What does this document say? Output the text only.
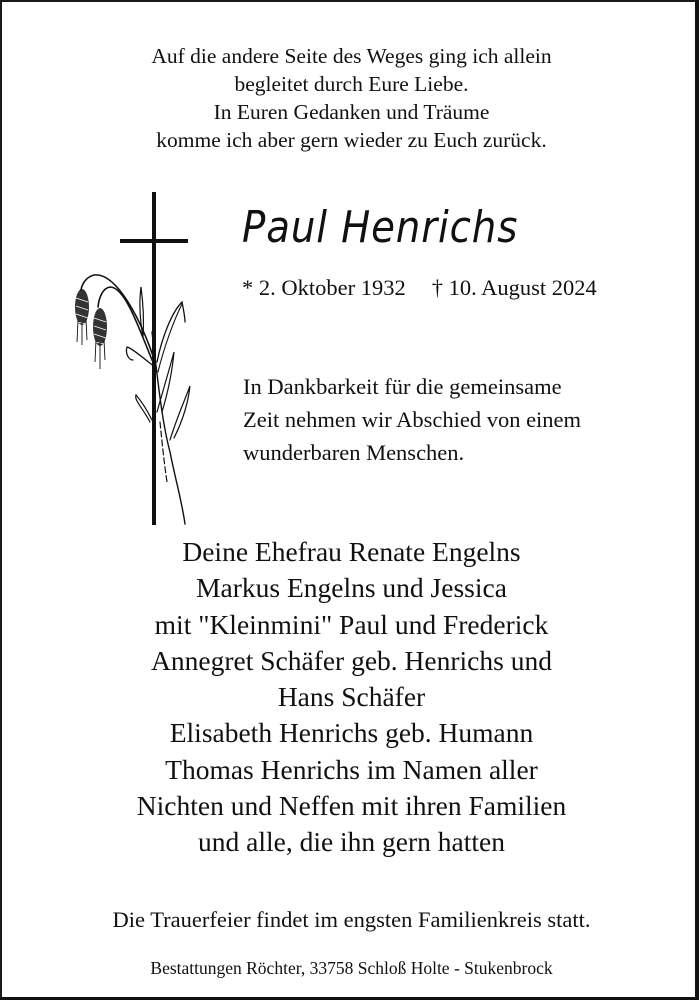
Auf die andere Seite des Weges ging ich allein
begleitet durch Eure Liebe.
In Euren Gedanken und Träume
komme ich aber gern wieder zu Euch zurück.
Paul Henrichs
* 2. Oktober 1932 † 10. August 2024
In Dankbarkeit für die gemeinsame
Zeit nehmen wir Abschied von einem
wunderbaren Menschen.
Deine Ehefrau Renate Engelns
Markus Engelns und Jessica
mit "Kleinmini" Paul und Frederick
Annegret Schäfer geb. Henrichs und
Hans Schäfer
Elisabeth Henrichs geb. Humann
Thomas Henrichs im Namen aller
Nichten und Neffen mit ihren Familien
und alle, die ihn gern hatten
Die Trauerfeier findet im engsten Familienkreis statt.
Bestattungen Röchter, 33758 Schloß Holte - Stukenbrock
